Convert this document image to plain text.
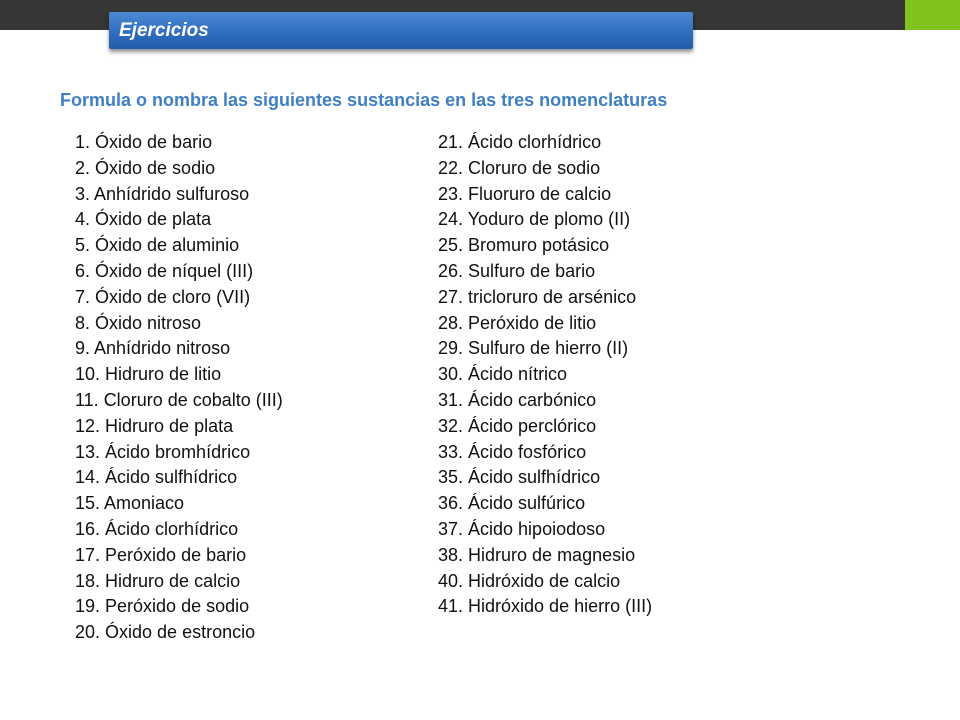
Ejercicios

Formula o nombra las siguientes sustancias en las tres nomenclaturas

1. Óxido de bario
2. Óxido de sodio
3. Anhídrido sulfuroso
4. Óxido de plata
5. Óxido de aluminio
6. Óxido de níquel (III)
7. Óxido de cloro (VII)
8. Óxido nitroso
9. Anhídrido nitroso
10. Hidruro de litio
11. Cloruro de cobalto (III)
12. Hidruro de plata
13. Ácido bromhídrico
14. Ácido sulfhídrico
15. Amoniaco
16. Ácido clorhídrico
17. Peróxido de bario
18. Hidruro de calcio
19. Peróxido de sodio
20. Óxido de estroncio
21. Ácido clorhídrico
22. Cloruro de sodio
23. Fluoruro de calcio
24. Yoduro de plomo (II)
25. Bromuro potásico
26. Sulfuro de bario
27. tricloruro de arsénico
28. Peróxido de litio
29. Sulfuro de hierro (II)
30. Ácido nítrico
31. Ácido carbónico
32. Ácido perclórico
33. Ácido fosfórico
35. Ácido sulfhídrico
36. Ácido sulfúrico
37. Ácido hipoiodoso
38. Hidruro de magnesio
40. Hidróxido de calcio
41. Hidróxido de hierro (III)
